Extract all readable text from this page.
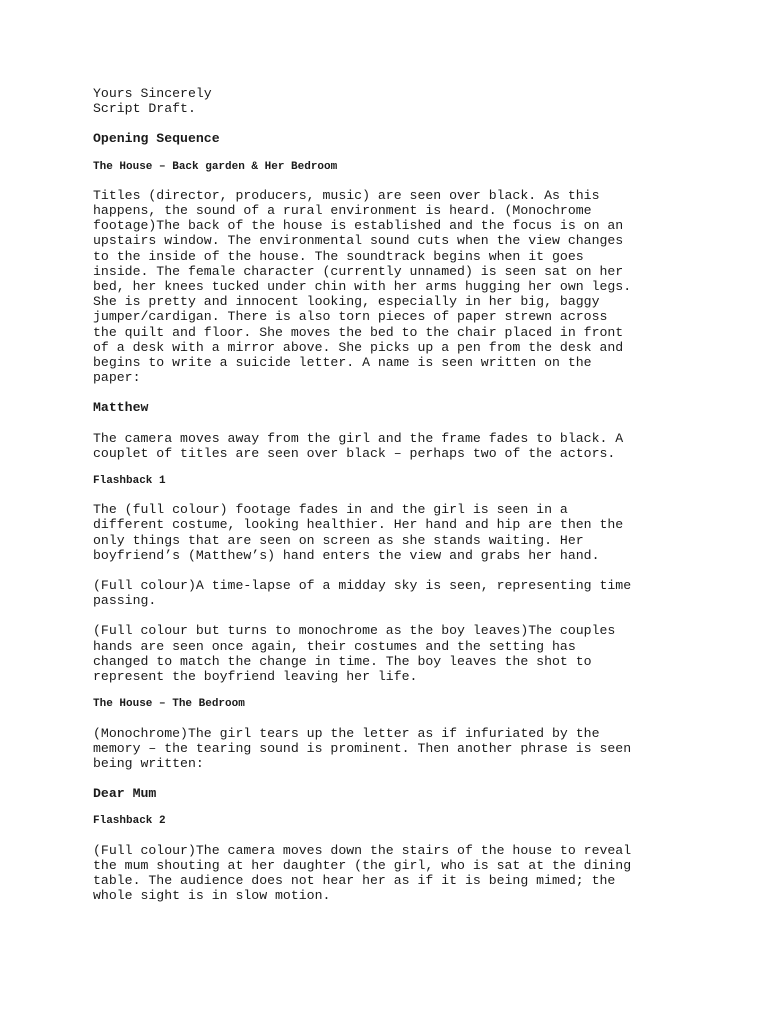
Yours Sincerely
Script Draft.
Opening Sequence
The House – Back garden & Her Bedroom
Titles (director, producers, music) are seen over black. As this
happens, the sound of a rural environment is heard. (Monochrome
footage)The back of the house is established and the focus is on an
upstairs window. The environmental sound cuts when the view changes
to the inside of the house. The soundtrack begins when it goes
inside. The female character (currently unnamed) is seen sat on her
bed, her knees tucked under chin with her arms hugging her own legs.
She is pretty and innocent looking, especially in her big, baggy
jumper/cardigan. There is also torn pieces of paper strewn across
the quilt and floor. She moves the bed to the chair placed in front
of a desk with a mirror above. She picks up a pen from the desk and
begins to write a suicide letter. A name is seen written on the
paper:
Matthew
The camera moves away from the girl and the frame fades to black. A
couplet of titles are seen over black – perhaps two of the actors.
Flashback 1
The (full colour) footage fades in and the girl is seen in a
different costume, looking healthier. Her hand and hip are then the
only things that are seen on screen as she stands waiting. Her
boyfriend’s (Matthew’s) hand enters the view and grabs her hand.
(Full colour)A time-lapse of a midday sky is seen, representing time
passing.
(Full colour but turns to monochrome as the boy leaves)The couples
hands are seen once again, their costumes and the setting has
changed to match the change in time. The boy leaves the shot to
represent the boyfriend leaving her life.
The House – The Bedroom
(Monochrome)The girl tears up the letter as if infuriated by the
memory – the tearing sound is prominent. Then another phrase is seen
being written:
Dear Mum
Flashback 2
(Full colour)The camera moves down the stairs of the house to reveal
the mum shouting at her daughter (the girl, who is sat at the dining
table. The audience does not hear her as if it is being mimed; the
whole sight is in slow motion.
